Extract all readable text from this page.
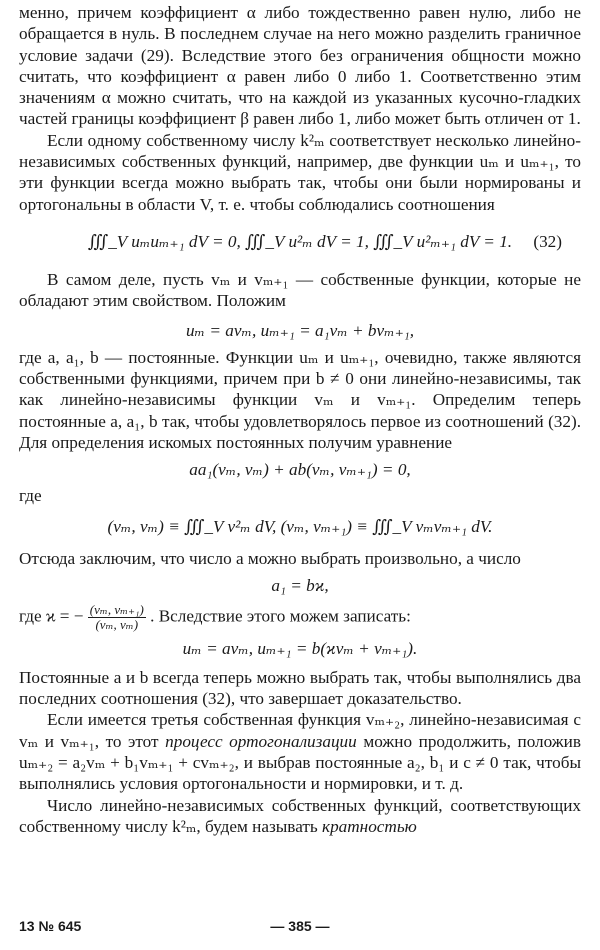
менно, причем коэффициент α либо тождественно равен нулю, либо не обращается в нуль. В последнем случае на него можно разделить граничное условие задачи (29). Вследствие этого без ограничения общности можно считать, что коэффициент α равен либо 0 либо 1. Соответственно этим значениям α можно считать, что на каждой из указанных кусочно-гладких частей границы коэффициент β равен либо 1, либо может быть отличен от 1.

Если одному собственному числу k²ₘ соответствует несколько линейно-независимых собственных функций, например, две функции uₘ и uₘ₊₁, то эти функции всегда можно выбрать так, чтобы они были нормированы и ортогональны в области V, т. е. чтобы соблюдались соотношения

∭_V uₘuₘ₊₁ dV = 0, ∭_V u²ₘ dV = 1, ∭_V u²ₘ₊₁ dV = 1. (32)

В самом деле, пусть vₘ и vₘ₊₁ — собственные функции, которые не обладают этим свойством. Положим

uₘ = avₘ, uₘ₊₁ = a₁vₘ + bvₘ₊₁,

где a, a₁, b — постоянные. Функции uₘ и uₘ₊₁, очевидно, также являются собственными функциями, причем при b ≠ 0 они линейно-независимы, так как линейно-независимы функции vₘ и vₘ₊₁. Определим теперь постоянные a, a₁, b так, чтобы удовлетворялось первое из соотношений (32). Для определения искомых постоянных получим уравнение

aa₁(vₘ, vₘ) + ab(vₘ, vₘ₊₁) = 0,

где

(vₘ, vₘ) ≡ ∭_V v²ₘ dV, (vₘ, vₘ₊₁) ≡ ∭_V vₘvₘ₊₁ dV.

Отсюда заключим, что число a можно выбрать произвольно, а число

a₁ = bϰ,

где ϰ = − $\frac{\text{(vₘ, vₘ₊₁)}}{\text{(vₘ, vₘ)}}$ . Вследствие этого можем записать:

uₘ = avₘ, uₘ₊₁ = b(ϰvₘ + vₘ₊₁).

Постоянные a и b всегда теперь можно выбрать так, чтобы выполнялись два последних соотношения (32), что завершает доказательство.

Если имеется третья собственная функция vₘ₊₂, линейно-независимая с vₘ и vₘ₊₁, то этот процесс ортогонализации можно продолжить, положив uₘ₊₂ = a₂vₘ + b₁vₘ₊₁ + cvₘ₊₂, и выбрав постоянные a₂, b₁ и c ≠ 0 так, чтобы выполнялись условия ортогональности и нормировки, и т. д.

Число линейно-независимых собственных функций, соответствующих собственному числу k²ₘ, будем называть кратностью

13 № 645	— 385 —
